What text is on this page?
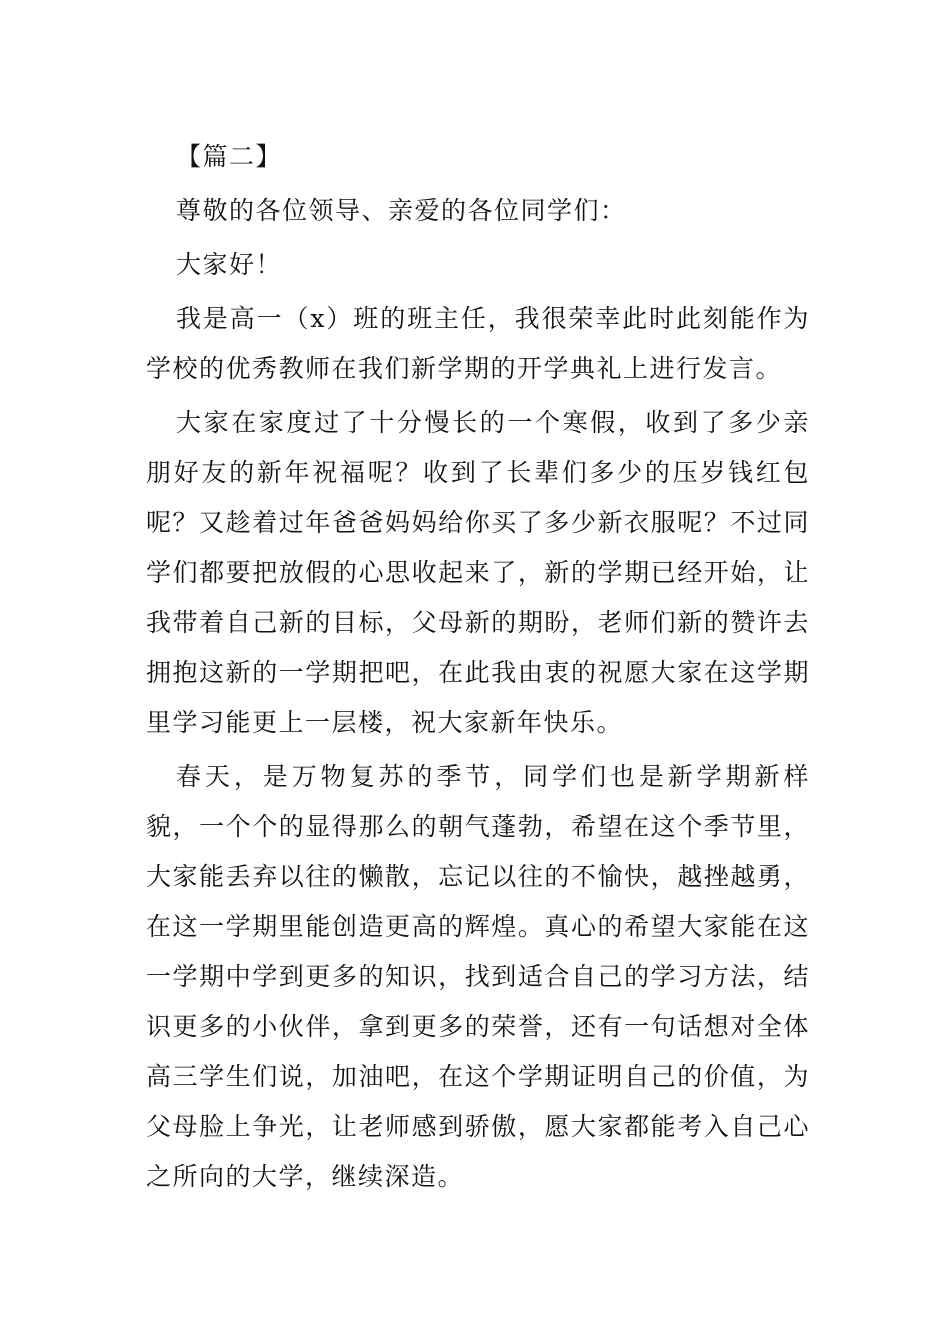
【篇二】

尊敬的各位领导、亲爱的各位同学们：

大家好！

我是高一（x）班的班主任，我很荣幸此时此刻能作为学校的优秀教师在我们新学期的开学典礼上进行发言。

大家在家度过了十分慢长的一个寒假，收到了多少亲朋好友的新年祝福呢？收到了长辈们多少的压岁钱红包呢？又趁着过年爸爸妈妈给你买了多少新衣服呢？不过同学们都要把放假的心思收起来了，新的学期已经开始，让我带着自己新的目标，父母新的期盼，老师们新的赞许去拥抱这新的一学期把吧，在此我由衷的祝愿大家在这学期里学习能更上一层楼，祝大家新年快乐。

春天，是万物复苏的季节，同学们也是新学期新样貌，一个个的显得那么的朝气蓬勃，希望在这个季节里，大家能丢弃以往的懒散，忘记以往的不愉快，越挫越勇，在这一学期里能创造更高的辉煌。真心的希望大家能在这一学期中学到更多的知识，找到适合自己的学习方法，结识更多的小伙伴，拿到更多的荣誉，还有一句话想对全体高三学生们说，加油吧，在这个学期证明自己的价值，为父母脸上争光，让老师感到骄傲，愿大家都能考入自己心之所向的大学，继续深造。
